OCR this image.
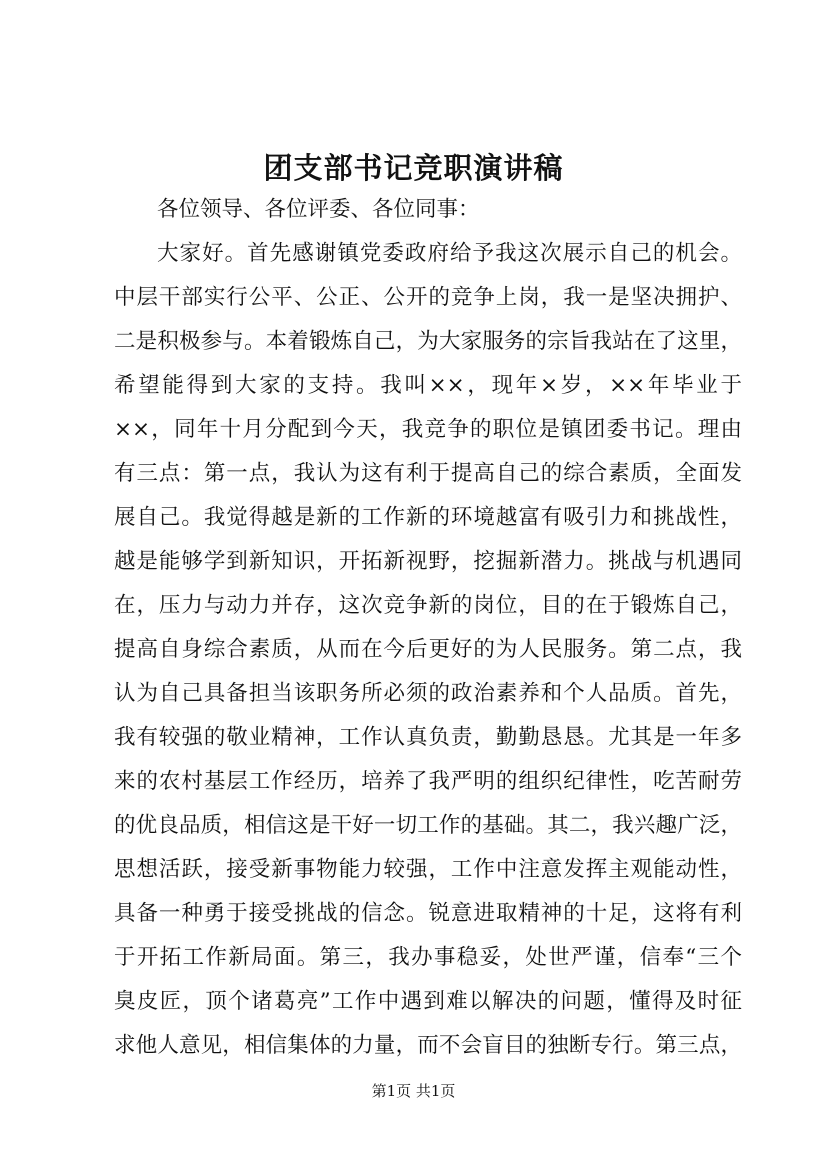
团支部书记竞职演讲稿
各位领导、各位评委、各位同事：
大家好。首先感谢镇党委政府给予我这次展示自己的机会。
中层干部实行公平、公正、公开的竞争上岗，我一是坚决拥护、
二是积极参与。本着锻炼自己，为大家服务的宗旨我站在了这里，
希望能得到大家的支持。我叫××，现年×岁，××年毕业于
××，同年十月分配到今天，我竞争的职位是镇团委书记。理由
有三点：第一点，我认为这有利于提高自己的综合素质，全面发
展自己。我觉得越是新的工作新的环境越富有吸引力和挑战性，
越是能够学到新知识，开拓新视野，挖掘新潜力。挑战与机遇同
在，压力与动力并存，这次竞争新的岗位，目的在于锻炼自己，
提高自身综合素质，从而在今后更好的为人民服务。第二点，我
认为自己具备担当该职务所必须的政治素养和个人品质。首先，
我有较强的敬业精神，工作认真负责，勤勤恳恳。尤其是一年多
来的农村基层工作经历，培养了我严明的组织纪律性，吃苦耐劳
的优良品质，相信这是干好一切工作的基础。其二，我兴趣广泛，
思想活跃，接受新事物能力较强，工作中注意发挥主观能动性，
具备一种勇于接受挑战的信念。锐意进取精神的十足，这将有利
于开拓工作新局面。第三，我办事稳妥，处世严谨，信奉“三个
臭皮匠，顶个诸葛亮”工作中遇到难以解决的问题，懂得及时征
求他人意见，相信集体的力量，而不会盲目的独断专行。第三点，
第1页 共1页
